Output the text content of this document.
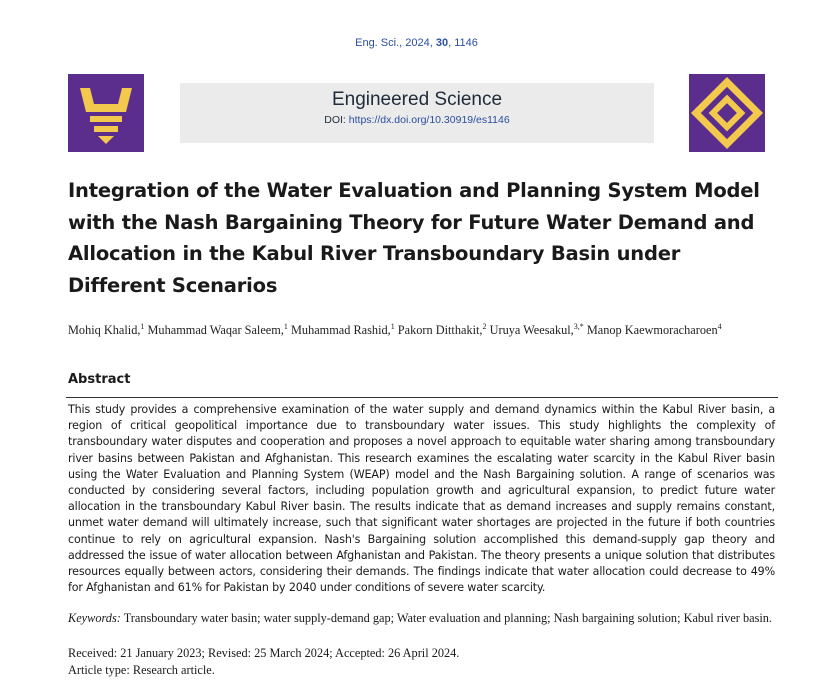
Eng. Sci., 2024, 30, 1146
Engineered Science
DOI: https://dx.doi.org/10.30919/es1146
Integration of the Water Evaluation and Planning System Model with the Nash Bargaining Theory for Future Water Demand and Allocation in the Kabul River Transboundary Basin under Different Scenarios
Mohiq Khalid,$^1$ Muhammad Waqar Saleem,$^1$ Muhammad Rashid,$^1$ Pakorn Ditthakit,$^2$ Uruya Weesakul,$^{3,*}$ Manop Kaewmoracharoen$^4$
Abstract
This study provides a comprehensive examination of the water supply and demand dynamics within the Kabul River basin, a region of critical geopolitical importance due to transboundary water issues. This study highlights the complexity of transboundary water disputes and cooperation and proposes a novel approach to equitable water sharing among transboundary river basins between Pakistan and Afghanistan. This research examines the escalating water scarcity in the Kabul River basin using the Water Evaluation and Planning System (WEAP) model and the Nash Bargaining solution. A range of scenarios was conducted by considering several factors, including population growth and agricultural expansion, to predict future water allocation in the transboundary Kabul River basin. The results indicate that as demand increases and supply remains constant, unmet water demand will ultimately increase, such that significant water shortages are projected in the future if both countries continue to rely on agricultural expansion. Nash's Bargaining solution accomplished this demand-supply gap theory and addressed the issue of water allocation between Afghanistan and Pakistan. The theory presents a unique solution that distributes resources equally between actors, considering their demands. The findings indicate that water allocation could decrease to 49% for Afghanistan and 61% for Pakistan by 2040 under conditions of severe water scarcity.
Keywords: Transboundary water basin; water supply-demand gap; Water evaluation and planning; Nash bargaining solution; Kabul river basin.
Received: 21 January 2023; Revised: 25 March 2024; Accepted: 26 April 2024.
Article type: Research article.
